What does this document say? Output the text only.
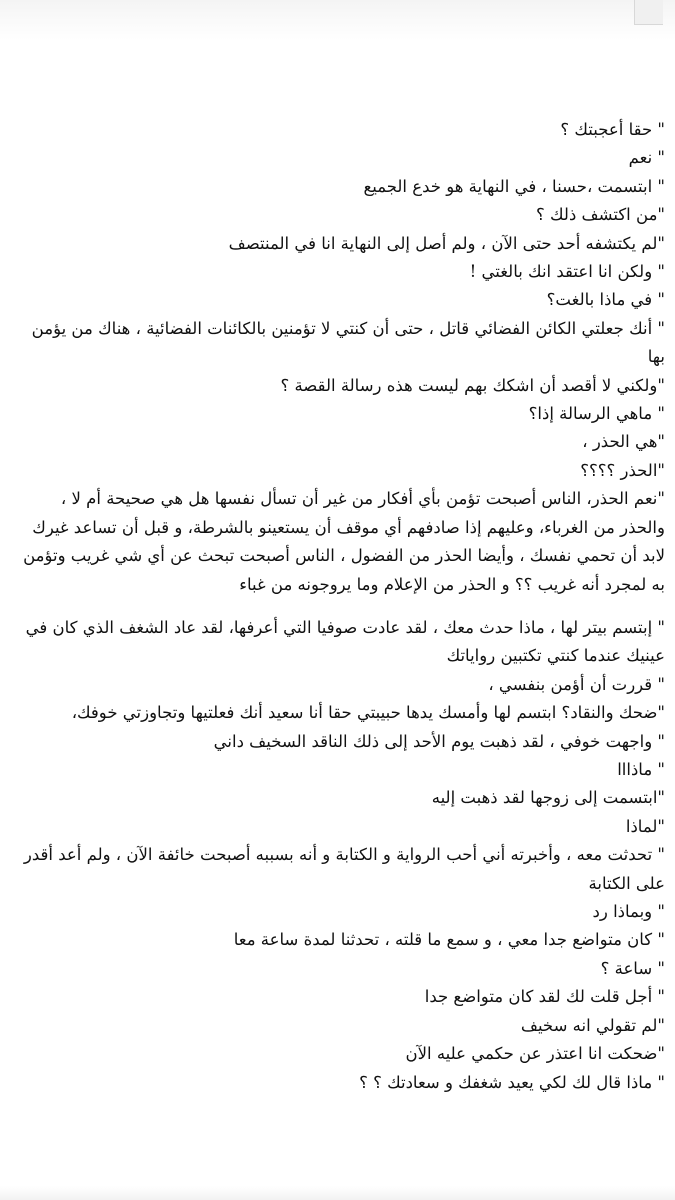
" حقا أعجبتك ؟

" نعم

" ابتسمت ،حسنا ، في النهاية هو خدع الجميع

"من اكتشف ذلك ؟

"لم يكتشفه أحد حتى الآن ، ولم أصل إلى النهاية انا في المنتصف

" ولكن انا اعتقد انك بالغتي !

" في ماذا بالغت؟

" أنك جعلتي الكائن الفضائي قاتل ، حتى أن كنتي لا تؤمنين بالكائنات الفضائية ، هناك من يؤمن بها

"ولكني لا أقصد أن اشكك بهم ليست هذه رسالة القصة ؟

" ماهي الرسالة إذا؟

"هي الحذر ،

"الحذر ؟؟؟؟

"نعم الحذر، الناس أصبحت تؤمن بأي أفكار من غير أن تسأل نفسها هل هي صحيحة أم لا ، والحذر من الغرباء، وعليهم إذا صادفهم أي موقف أن يستعينو بالشرطة، و قبل أن تساعد غيرك لابد أن تحمي نفسك ، وأيضا الحذر من الفضول ، الناس أصبحت تبحث عن أي شي غريب وتؤمن به لمجرد أنه غريب ؟؟ و الحذر من الإعلام وما يروجونه من غباء

" إبتسم بيتر لها ، ماذا حدث معك ، لقد عادت صوفيا التي أعرفها، لقد عاد الشغف الذي كان في عينيك عندما كنتي تكتبين رواياتك

" قررت أن أؤمن بنفسي ،

"ضحك والنقاد؟ ابتسم لها وأمسك يدها حبيبتي حقا أنا سعيد أنك فعلتيها وتجاوزتي خوفك،

" واجهت خوفي ، لقد ذهبت يوم الأحد إلى ذلك الناقد السخيف داني

" ماذااا

"ابتسمت إلى زوجها لقد ذهبت إليه

"لماذا

" تحدثت معه ، وأخبرته أني أحب الرواية و الكتابة و أنه بسببه أصبحت خائفة الآن ، ولم أعد أقدر على الكتابة

" وبماذا رد

" كان متواضع جدا معي ، و سمع ما قلته ، تحدثنا لمدة ساعة معا

" ساعة ؟

" أجل قلت لك لقد كان متواضع جدا

"لم تقولي انه سخيف

"ضحكت انا اعتذر عن حكمي عليه الآن

" ماذا قال لك لكي يعيد شغفك و سعادتك ؟ ؟
